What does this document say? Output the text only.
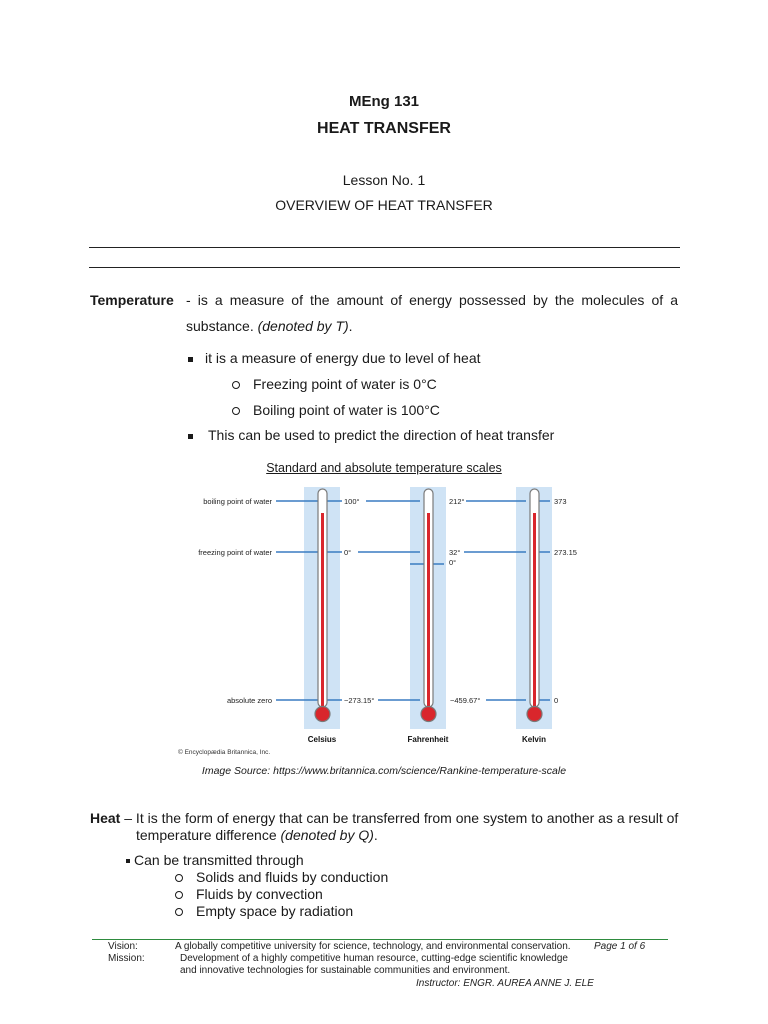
MEng 131
HEAT TRANSFER
Lesson No. 1
OVERVIEW OF HEAT TRANSFER
Temperature - is a measure of the amount of energy possessed by the molecules of a
substance. (denoted by T).
it is a measure of energy due to level of heat
Freezing point of water is 0°C
Boiling point of water is 100°C
This can be used to predict the direction of heat transfer
Standard and absolute temperature scales
boiling point of water
freezing point of water
absolute zero
100°
0°
−273.15°
212°
32°
0°
−459.67°
373
273.15
0
Celsius	Fahrenheit	Kelvin
© Encyclopædia Britannica, Inc.
Image Source: https://www.britannica.com/science/Rankine-temperature-scale
Heat – It is the form of energy that can be transferred from one system to another as a result of
temperature difference (denoted by Q).
Can be transmitted through
Solids and fluids by conduction
Fluids by convection
Empty space by radiation
Vision:	A globally competitive university for science, technology, and environmental conservation. Page 1 of 6
Mission:	Development of a highly competitive human resource, cutting-edge scientific knowledge
and innovative technologies for sustainable communities and environment.
Instructor: ENGR. AUREA ANNE J. ELE
